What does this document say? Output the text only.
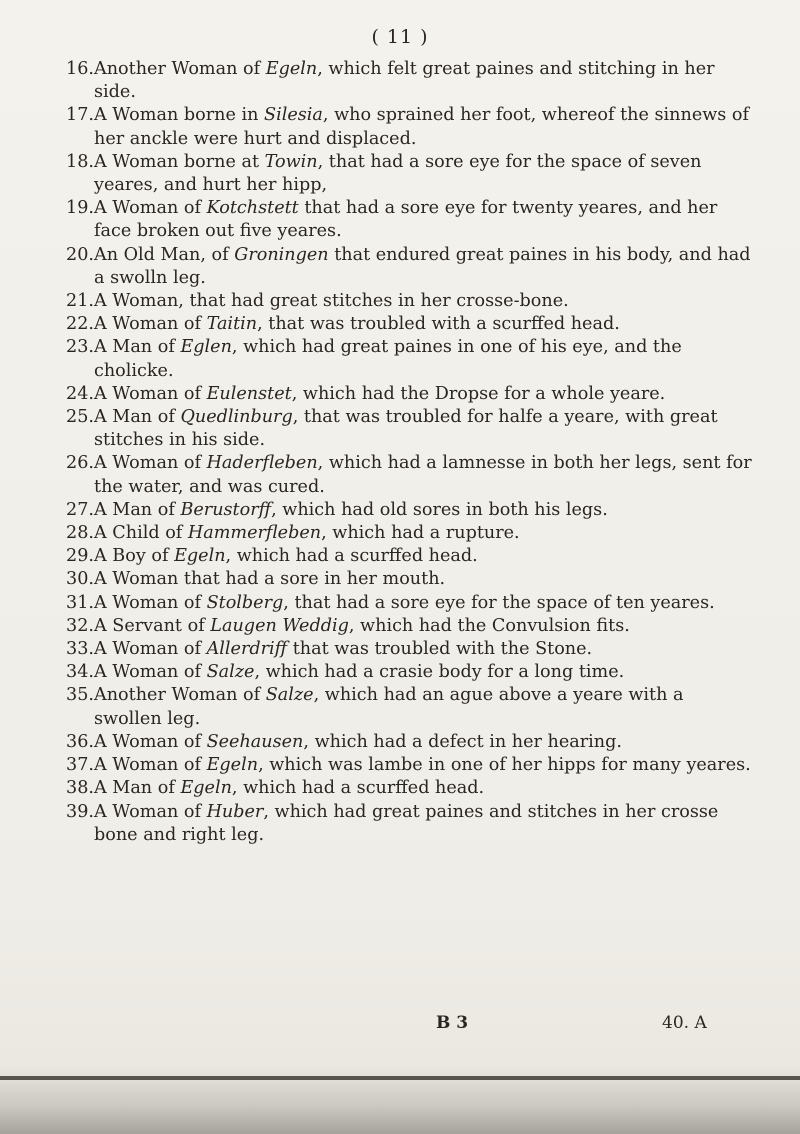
( 11 )

16.Another Woman of Egeln, which felt great paines and stitching in her side.

17.A Woman borne in Silesia, who sprained her foot, whereof the sinnews of her anckle were hurt and displaced.

18.A Woman borne at Towin, that had a sore eye for the space of seven yeares, and hurt her hipp,

19.A Woman of Kotchstett that had a sore eye for twenty yeares, and her face broken out five yeares.

20.An Old Man, of Groningen that endured great paines in his body, and had a swolln leg.

21.A Woman, that had great stitches in her crosse-bone.

22.A Woman of Taitin, that was troubled with a scurffed head.

23.A Man of Eglen, which had great paines in one of his eye, and the cholicke.

24.A Woman of Eulenstet, which had the Dropse for a whole yeare.

25.A Man of Quedlinburg, that was troubled for halfe a yeare, with great stitches in his side.

26.A Woman of Haderfleben, which had a lamnesse in both her legs, sent for the water, and was cured.

27.A Man of Berustorff, which had old sores in both his legs.

28.A Child of Hammerfleben, which had a rupture.

29.A Boy of Egeln, which had a scurffed head.

30.A Woman that had a sore in her mouth.

31.A Woman of Stolberg, that had a sore eye for the space of ten yeares.

32.A Servant of Laugen Weddig, which had the Convulsion fits.

33.A Woman of Allerdriff that was troubled with the Stone.

34.A Woman of Salze, which had a crasie body for a long time.

35.Another Woman of Salze, which had an ague above a yeare with a swollen leg.

36.A Woman of Seehausen, which had a defect in her hearing.

37.A Woman of Egeln, which was lambe in one of her hipps for many yeares.

38.A Man of Egeln, which had a scurffed head.

39.A Woman of Huber, which had great paines and stitches in her crosse bone and right leg.

B 3	40. A
